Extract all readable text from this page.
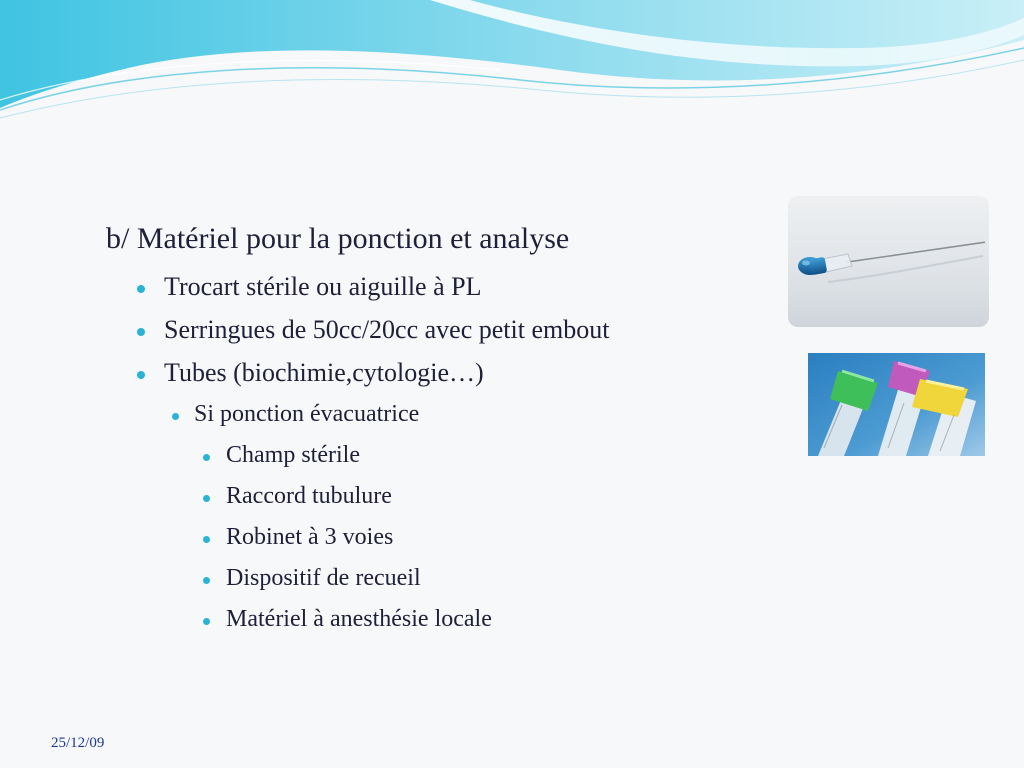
b/ Matériel pour la ponction et analyse
Trocart stérile ou aiguille à PL
Serringues de 50cc/20cc avec petit embout
Tubes (biochimie,cytologie…)
Si ponction évacuatrice
Champ stérile
Raccord tubulure
Robinet à 3 voies
Dispositif de recueil
Matériel à anesthésie locale
25/12/09
